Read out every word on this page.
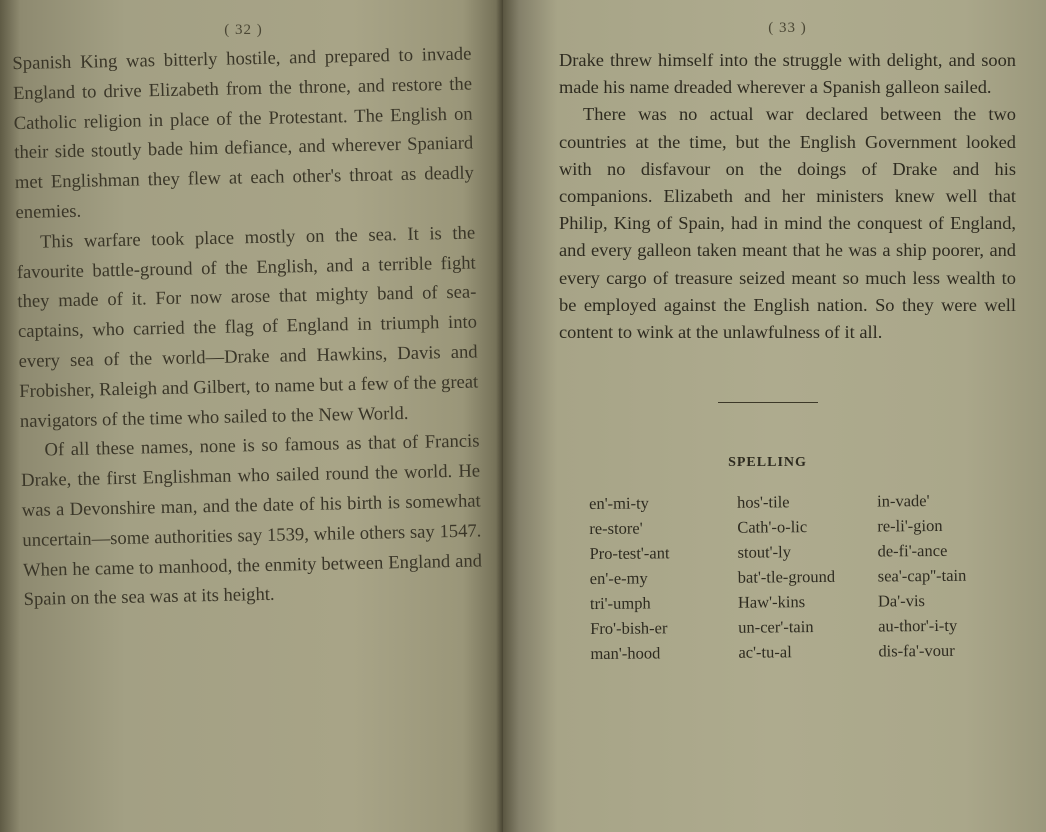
( 32 )

Spanish King was bitterly hostile, and prepared to invade England to drive Elizabeth from the throne, and restore the Catholic religion in place of the Protestant. The English on their side stoutly bade him defiance, and wherever Spaniard met Englishman they flew at each other's throat as deadly enemies.

This warfare took place mostly on the sea. It is the favourite battle-ground of the English, and a terrible fight they made of it. For now arose that mighty band of sea-captains, who carried the flag of England in triumph into every sea of the world—Drake and Hawkins, Davis and Frobisher, Raleigh and Gilbert, to name but a few of the great navigators of the time who sailed to the New World.

Of all these names, none is so famous as that of Francis Drake, the first Englishman who sailed round the world. He was a Devonshire man, and the date of his birth is somewhat uncertain—some authorities say 1539, while others say 1547. When he came to manhood, the enmity between England and Spain on the sea was at its height.

( 33 )

Drake threw himself into the struggle with delight, and soon made his name dreaded wherever a Spanish galleon sailed.

There was no actual war declared between the two countries at the time, but the English Government looked with no disfavour on the doings of Drake and his companions. Elizabeth and her ministers knew well that Philip, King of Spain, had in mind the conquest of England, and every galleon taken meant that he was a ship poorer, and every cargo of treasure seized meant so much less wealth to be employed against the English nation. So they were well content to wink at the unlawfulness of it all.

SPELLING
en'-mi-ty	hos'-tile	in-vade'
re-store'	Cath'-o-lic	re-li'-gion
Pro-test'-ant	stout'-ly	de-fi'-ance
en'-e-my	bat'-tle-ground	sea'-cap''-tain
tri'-umph	Haw'-kins	Da'-vis
Fro'-bish-er	un-cer'-tain	au-thor'-i-ty
man'-hood	ac'-tu-al	dis-fa'-vour
